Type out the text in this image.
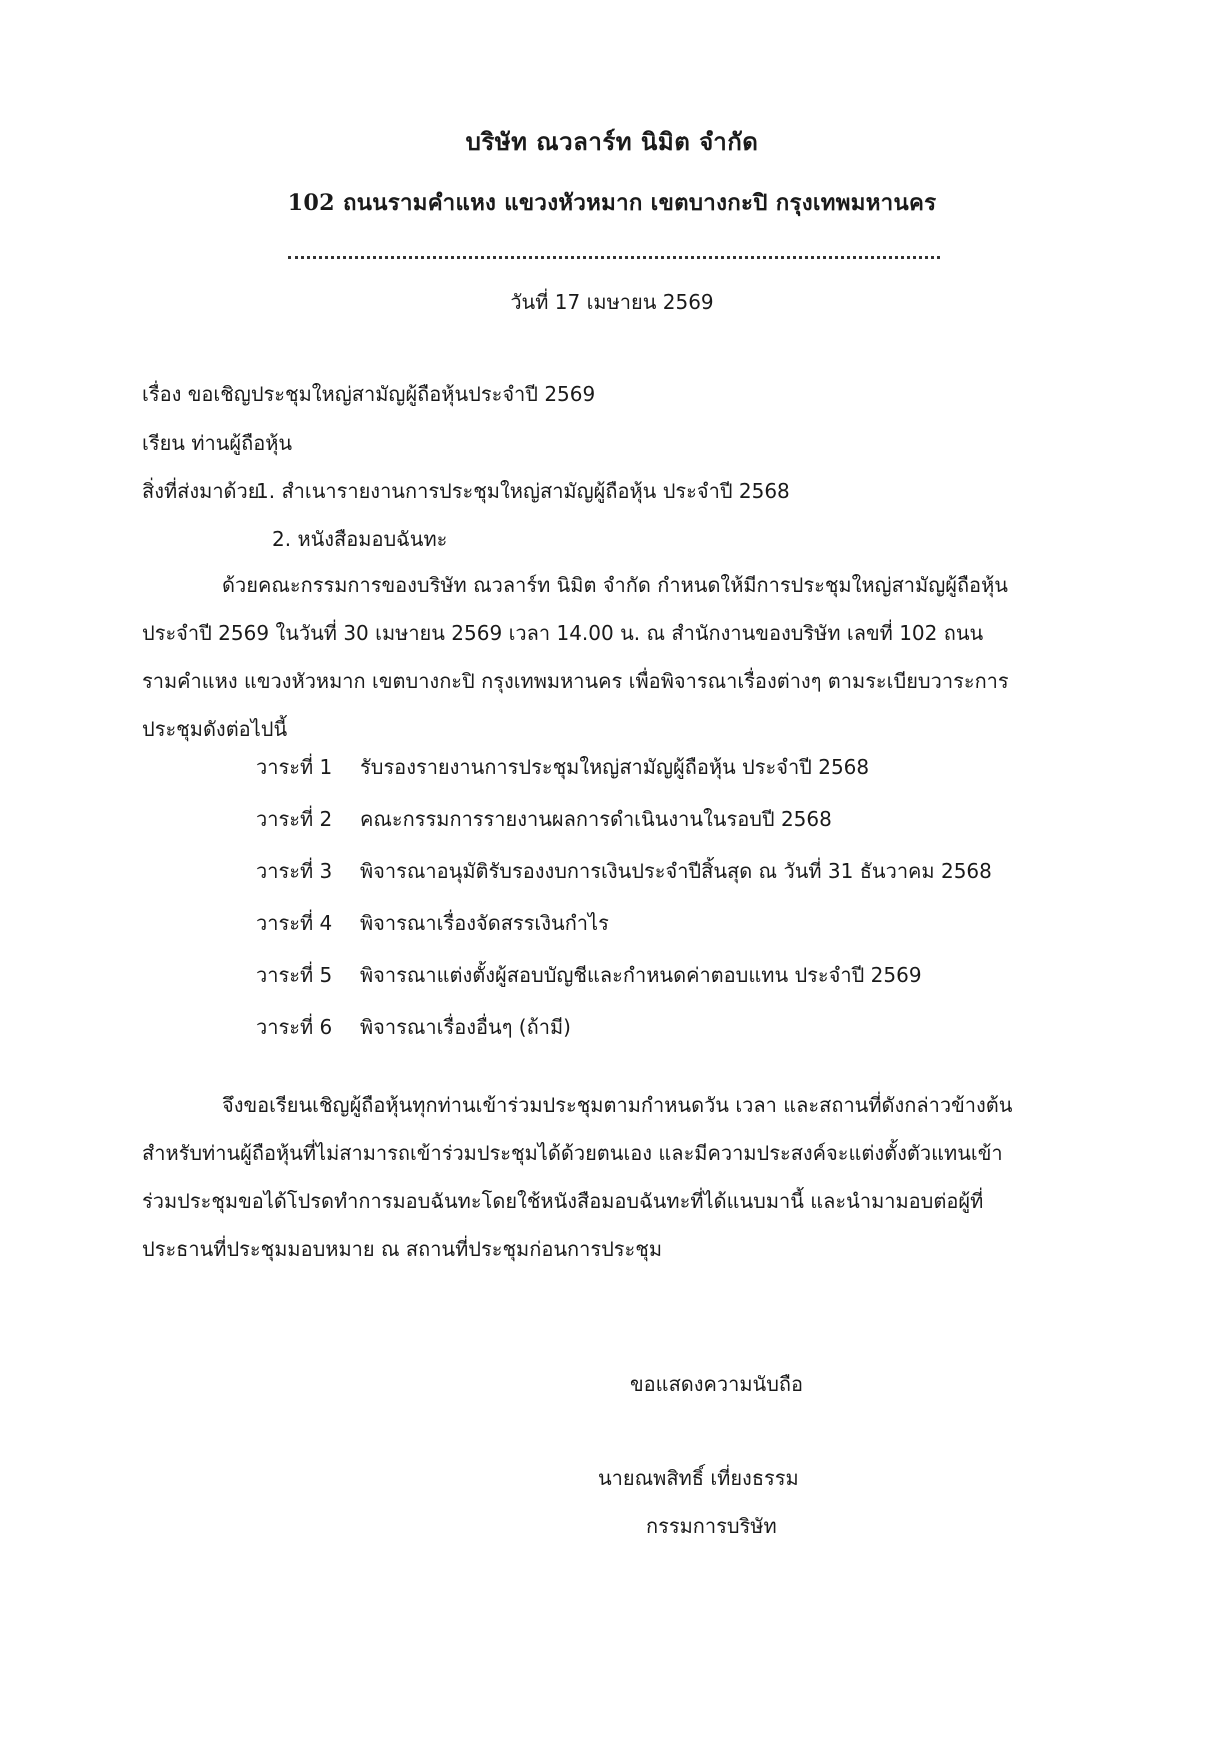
บริษัท ณวลาร์ท นิมิต จำกัด
102 ถนนรามคำแหง แขวงหัวหมาก เขตบางกะปิ กรุงเทพมหานคร
วันที่ 17 เมษายน 2569
เรื่อง ขอเชิญประชุมใหญ่สามัญผู้ถือหุ้นประจำปี 2569
เรียน ท่านผู้ถือหุ้น
สิ่งที่ส่งมาด้วย
1. สำเนารายงานการประชุมใหญ่สามัญผู้ถือหุ้น ประจำปี 2568
2. หนังสือมอบฉันทะ
ด้วยคณะกรรมการของบริษัท ณวลาร์ท นิมิต จำกัด กำหนดให้มีการประชุมใหญ่สามัญผู้ถือหุ้น
ประจำปี 2569 ในวันที่ 30 เมษายน 2569 เวลา 14.00 น. ณ สำนักงานของบริษัท เลขที่ 102 ถนน
รามคำแหง แขวงหัวหมาก เขตบางกะปิ กรุงเทพมหานคร เพื่อพิจารณาเรื่องต่างๆ ตามระเบียบวาระการ
ประชุมดังต่อไปนี้
วาระที่ 1 รับรองรายงานการประชุมใหญ่สามัญผู้ถือหุ้น ประจำปี 2568
วาระที่ 2 คณะกรรมการรายงานผลการดำเนินงานในรอบปี 2568
วาระที่ 3 พิจารณาอนุมัติรับรองงบการเงินประจำปีสิ้นสุด ณ วันที่ 31 ธันวาคม 2568
วาระที่ 4 พิจารณาเรื่องจัดสรรเงินกำไร
วาระที่ 5 พิจารณาแต่งตั้งผู้สอบบัญชีและกำหนดค่าตอบแทน ประจำปี 2569
วาระที่ 6 พิจารณาเรื่องอื่นๆ (ถ้ามี)
จึงขอเรียนเชิญผู้ถือหุ้นทุกท่านเข้าร่วมประชุมตามกำหนดวัน เวลา และสถานที่ดังกล่าวข้างต้น
สำหรับท่านผู้ถือหุ้นที่ไม่สามารถเข้าร่วมประชุมได้ด้วยตนเอง และมีความประสงค์จะแต่งตั้งตัวแทนเข้า
ร่วมประชุมขอได้โปรดทำการมอบฉันทะโดยใช้หนังสือมอบฉันทะที่ได้แนบมานี้ และนำมามอบต่อผู้ที่
ประธานที่ประชุมมอบหมาย ณ สถานที่ประชุมก่อนการประชุม
ขอแสดงความนับถือ
นายณพสิทธิ์ เที่ยงธรรม
กรรมการบริษัท
